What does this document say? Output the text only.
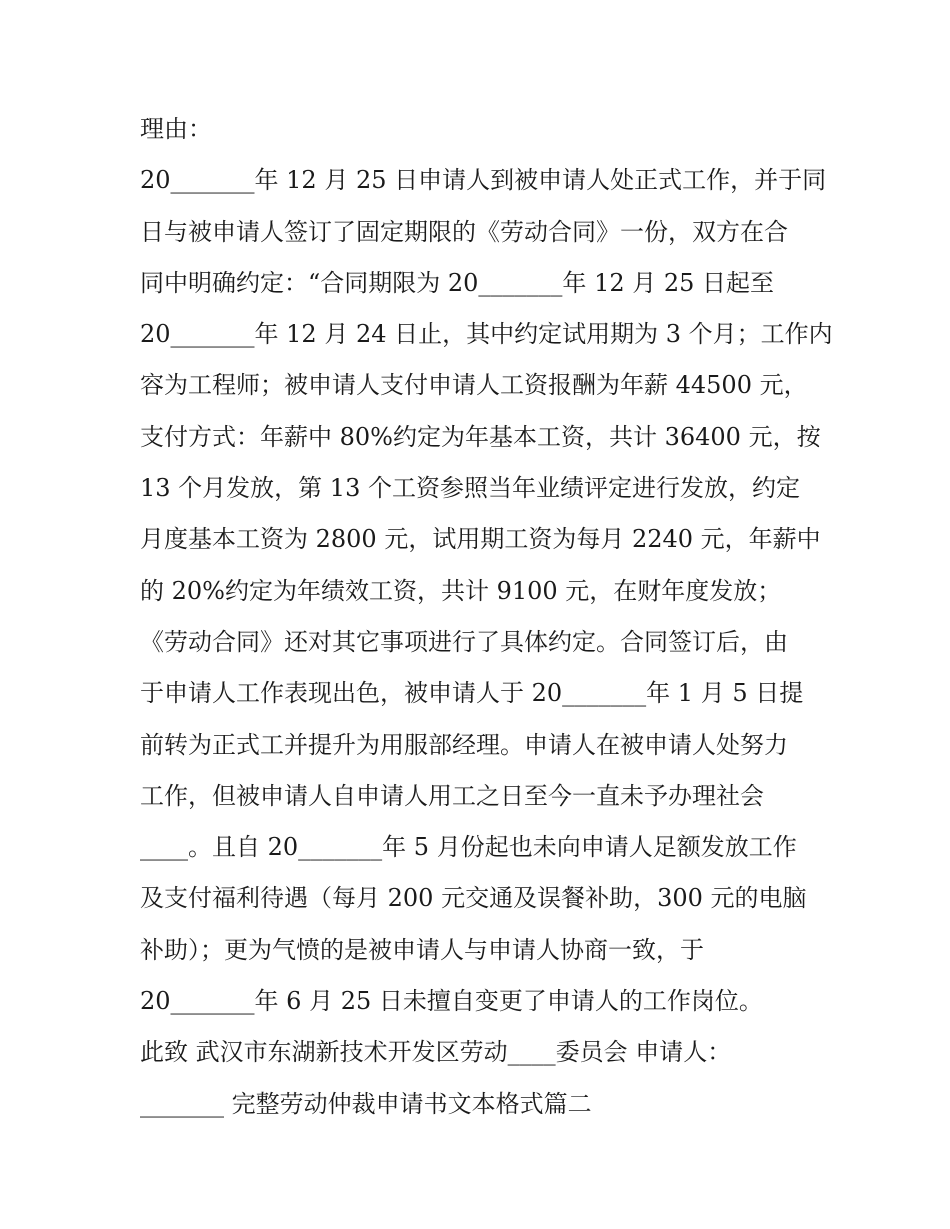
理由：
20_______年 12 月 25 日申请人到被申请人处正式工作，并于同
日与被申请人签订了固定期限的《劳动合同》一份，双方在合
同中明确约定：“合同期限为 20_______年 12 月 25 日起至
20_______年 12 月 24 日止，其中约定试用期为 3 个月；工作内
容为工程师；被申请人支付申请人工资报酬为年薪 44500 元，
支付方式：年薪中 80%约定为年基本工资，共计 36400 元，按
13 个月发放，第 13 个工资参照当年业绩评定进行发放，约定
月度基本工资为 2800 元，试用期工资为每月 2240 元，年薪中
的 20%约定为年绩效工资，共计 9100 元，在财年度发放；
《劳动合同》还对其它事项进行了具体约定。合同签订后，由
于申请人工作表现出色，被申请人于 20_______年 1 月 5 日提
前转为正式工并提升为用服部经理。申请人在被申请人处努力
工作，但被申请人自申请人用工之日至今一直未予办理社会
____。且自 20_______年 5 月份起也未向申请人足额发放工作
及支付福利待遇（每月 200 元交通及误餐补助，300 元的电脑
补助）；更为气愤的是被申请人与申请人协商一致，于
20_______年 6 月 25 日未擅自变更了申请人的工作岗位。
此致 武汉市东湖新技术开发区劳动____委员会 申请人：
_______ 完整劳动仲裁申请书文本格式篇二
